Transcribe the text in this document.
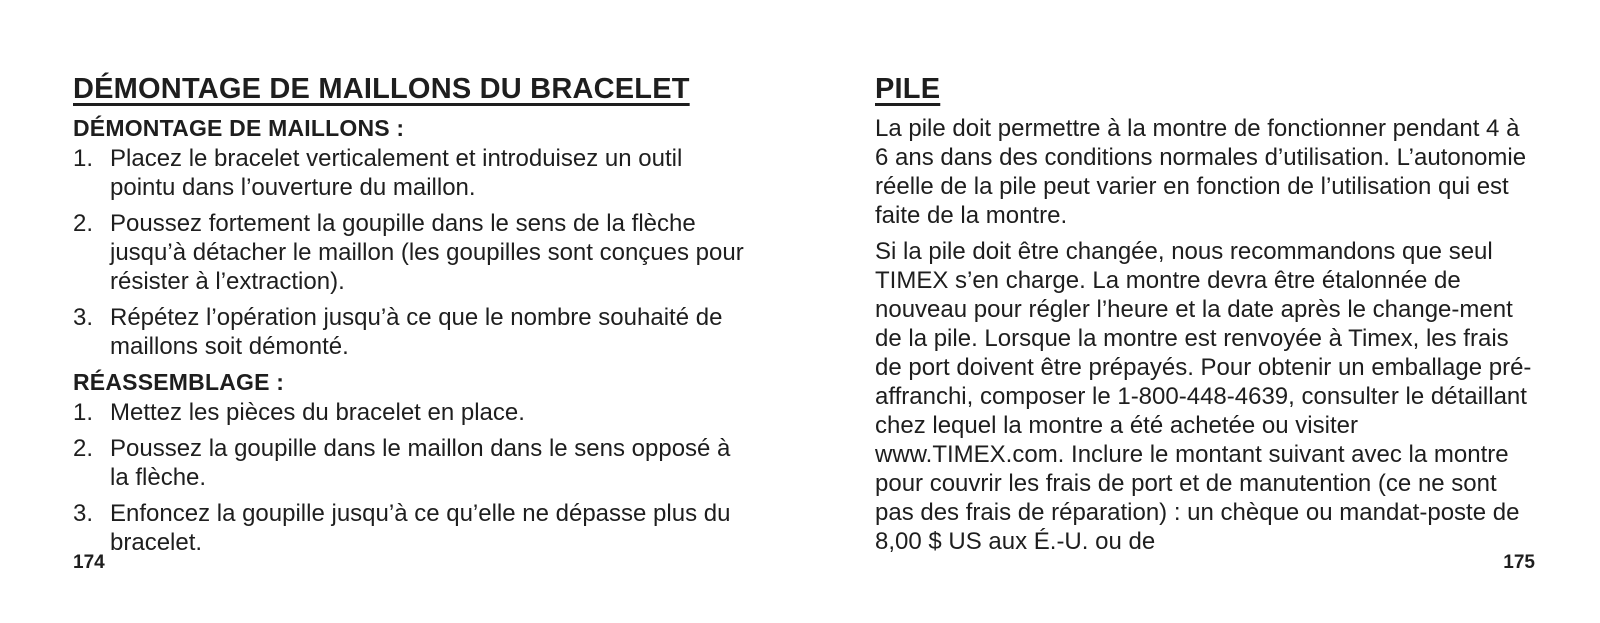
DÉMONTAGE DE MAILLONS DU BRACELET
DÉMONTAGE DE MAILLONS :
1. Placez le bracelet verticalement et introduisez un outil pointu dans l’ouverture du maillon.
2. Poussez fortement la goupille dans le sens de la flèche jusqu’à détacher le maillon (les goupilles sont conçues pour résister à l’extraction).
3. Répétez l’opération jusqu’à ce que le nombre souhaité de maillons soit démonté.
RÉASSEMBLAGE :
1. Mettez les pièces du bracelet en place.
2. Poussez la goupille dans le maillon dans le sens opposé à la flèche.
3. Enfoncez la goupille jusqu’à ce qu’elle ne dépasse plus du bracelet.
174
PILE

La pile doit permettre à la montre de fonctionner pendant 4 à 6 ans dans des conditions normales d’utilisation. L’autonomie réelle de la pile peut varier en fonction de l’utilisation qui est faite de la montre.

Si la pile doit être changée, nous recommandons que seul TIMEX s’en charge. La montre devra être étalonnée de nouveau pour régler l’heure et la date après le change-ment de la pile. Lorsque la montre est renvoyée à Timex, les frais de port doivent être prépayés. Pour obtenir un emballage pré-affranchi, composer le 1-800-448-4639, consulter le détaillant chez lequel la montre a été achetée ou visiter www.TIMEX.com. Inclure le montant suivant avec la montre pour couvrir les frais de port et de manutention (ce ne sont pas des frais de réparation) : un chèque ou mandat-poste de 8,00 $ US aux É.-U. ou de

175
